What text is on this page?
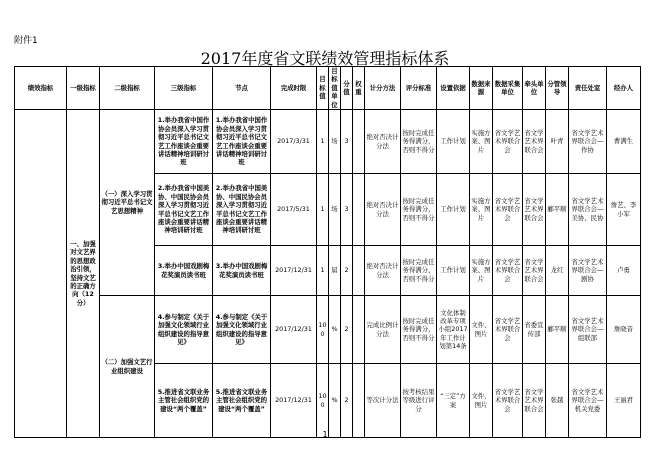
附件1
2017年度省文联绩效管理指标体系
绩效指标	一级指标	二级指标	三级指标	节点	完成时限	目标值	目标值单位	分值	权重	计分方法	评分标准	设置依据	数据来源	数据采集单位	牵头单位	分管领导	责任处室	经办人
	一、加强对文艺界的思想政治引领，坚持文艺的正确方向（12分）	（一）深入学习贯彻习近平总书记文艺思想精神	1.举办我省中国作协会员深入学习贯彻习近平总书记文艺工作座谈会重要讲话精神培训研讨班	1.举办我省中国作协会员深入学习贯彻习近平总书记文艺工作座谈会重要讲话精神培训研讨班	2017/3/31	1	场	3		绝对否决计分法	按时完成任务得满分，否则不得分	工作计划	实施方案、图片	省文学艺术界联合会	省文学艺术界联合会	叶青	省文学艺术界联合会—作协	曹满生
			2.举办我省中国美协、中国民协会员深入学习贯彻习近平总书记文艺工作座谈会重要讲话精神培训研讨班	2.举办我省中国美协、中国民协会员深入学习贯彻习近平总书记文艺工作座谈会重要讲话精神培训研讨班	2017/5/31	1	场	3		绝对否决计分法	按时完成任务得满分，否则不得分	工作计划	实施方案、图片	省文学艺术界联合会	省文学艺术界联合会	郦平顺	省文学艺术界联合会—美协、民协	詹艺、李小军
			3.举办中国戏剧梅花奖演员读书班	3.举办中国戏剧梅花奖演员读书班	2017/12/31	1	届	2		绝对否决计分法	按时完成任务得满分，否则不得分	工作计划	实施方案、图片	省文学艺术界联合会	省文学艺术界联合会	龙红	省文学艺术界联合会—剧协	卢勇
		（二）加强文艺行业组织建设	4.参与制定《关于加强文化领域行业组织建设的指导意见》	4.参与制定《关于加强文化领域行业组织建设的指导意见》	2017/12/31	100	%	2		完成比例计分法	按时完成任务得满分，否则不得分	文化体制改革专项小组2017年工作计划第14条	文件、图片	省文学艺术界联合会	省委宣传部	郦平顺	省文学艺术界联合会—组联部	詹晓音
			5.推进省文联业务主管社会组织党的建设“两个覆盖”	5.推进省文联业务主管社会组织党的建设“两个覆盖”	2017/12/31	100	%	2		等次计分法	按考核结果等级进行评分	“三定”方案	文件、图片	省文学艺术界联合会	省文学艺术界联合会	张越	省文学艺术界联合会—机关党委	王丽君
1
